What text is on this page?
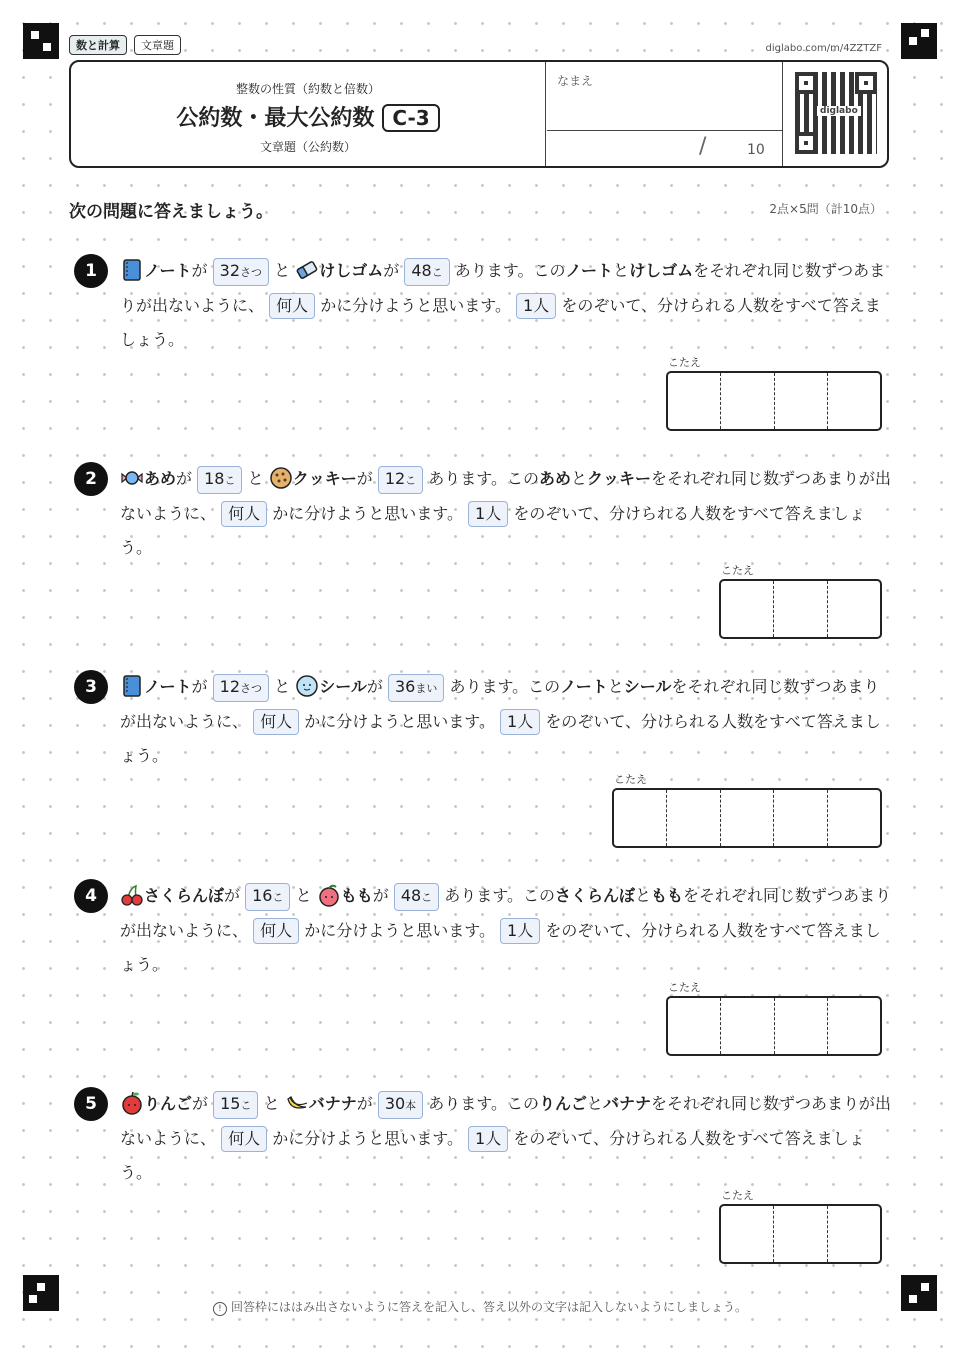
数と計算	文章題	diglabo.com/m/4ZZTZF
整数の性質（約数と倍数）
公約数・最大公約数 C-3
文章題（公約数）
なまえ
/	10
diglabo
次の問題に答えましょう。	2点×5問（計10点）
1	ノートが 32さつ と けしゴムが 48こ あります。このノートとけしゴムをそれぞれ同じ数ずつあまりが出ないように、 何人 かに分けようと思います。 1人 をのぞいて、分けられる人数をすべて答えましょう。
こたえ
2	あめが 18こ と クッキーが 12こ あります。このあめとクッキーをそれぞれ同じ数ずつあまりが出ないように、 何人 かに分けようと思います。 1人 をのぞいて、分けられる人数をすべて答えましょう。
こたえ
3	ノートが 12さつ と シールが 36まい あります。このノートとシールをそれぞれ同じ数ずつあまりが出ないように、 何人 かに分けようと思います。 1人 をのぞいて、分けられる人数をすべて答えましょう。
こたえ
4	さくらんぼが 16こ と ももが 48こ あります。このさくらんぼとももをそれぞれ同じ数ずつあまりが出ないように、 何人 かに分けようと思います。 1人 をのぞいて、分けられる人数をすべて答えましょう。
こたえ
5	りんごが 15こ と バナナが 30本 あります。このりんごとバナナをそれぞれ同じ数ずつあまりが出ないように、 何人 かに分けようと思います。 1人 をのぞいて、分けられる人数をすべて答えましょう。
こたえ
! 回答枠にははみ出さないように答えを記入し、答え以外の文字は記入しないようにしましょう。
